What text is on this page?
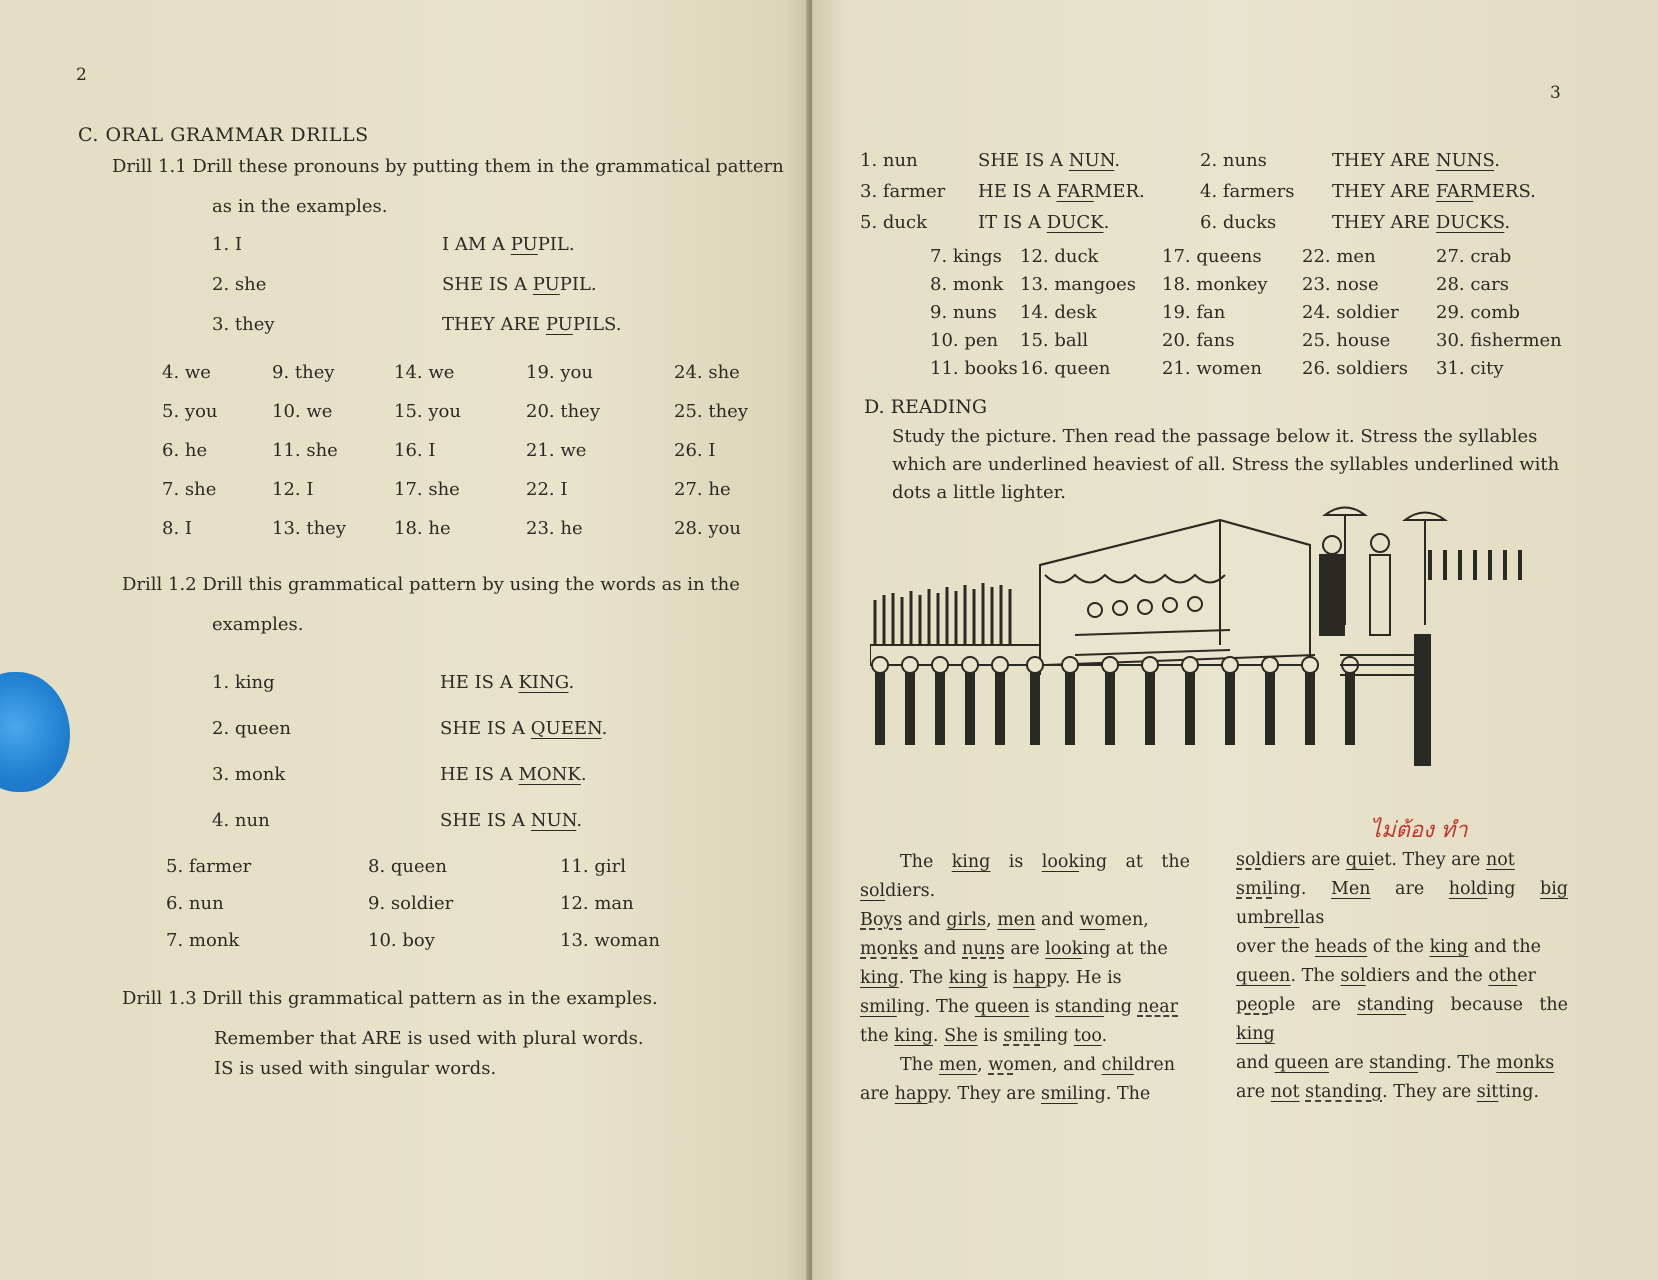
2
C. ORAL GRAMMAR DRILLS
Drill 1.1 Drill these pronouns by putting them in the grammatical pattern
as in the examples.
1. I	I AM A PUPIL.
2. she	SHE IS A PUPIL.
3. they	THEY ARE PUPILS.
4. we	9. they	14. we	19. you	24. she
5. you	10. we	15. you	20. they	25. they
6. he	11. she	16. I	21. we	26. I
7. she	12. I	17. she	22. I	27. he
8. I	13. they	18. he	23. he	28. you
Drill 1.2 Drill this grammatical pattern by using the words as in the
examples.
1. king	HE IS A KING.
2. queen	SHE IS A QUEEN.
3. monk	HE IS A MONK.
4. nun	SHE IS A NUN.
5. farmer	8. queen	11. girl
6. nun	9. soldier	12. man
7. monk	10. boy	13. woman
Drill 1.3 Drill this grammatical pattern as in the examples.
Remember that ARE is used with plural words.
IS is used with singular words.
3
1. nun	SHE IS A NUN.	2. nuns	THEY ARE NUNS.
3. farmer HE IS A FARMER.	4. farmers THEY ARE FARMERS.
5. duck	IT IS A DUCK.	6. ducks	THEY ARE DUCKS.
7. kings 12. duck	17. queens 22. men	27. crab
8. monk 13. mangoes 18. monkey 23. nose	28. cars
9. nuns 14. desk	19. fan	24. soldier 29. comb
10. pen 15. ball	20. fans	25. house	30. fishermen
11. books 16. queen	21. women 26. soldiers 31. city
D. READING
Study the picture. Then read the passage below it. Stress the syllables
which are underlined heaviest of all. Stress the syllables underlined with
dots a little lighter.
ไม่ต้อง ทำ

The king is looking at the soldiers.

Boys and girls, men and women,

monks and nuns are looking at the

king. The king is happy. He is

smiling. The queen is standing near

the king. She is smiling too.

The men, women, and children

are happy. They are smiling. The

soldiers are quiet. They are not

smiling. Men are holding big umbrellas

over the heads of the king and the

queen. The soldiers and the other

people are standing because the king

and queen are standing. The monks

are not standing. They are sitting.
